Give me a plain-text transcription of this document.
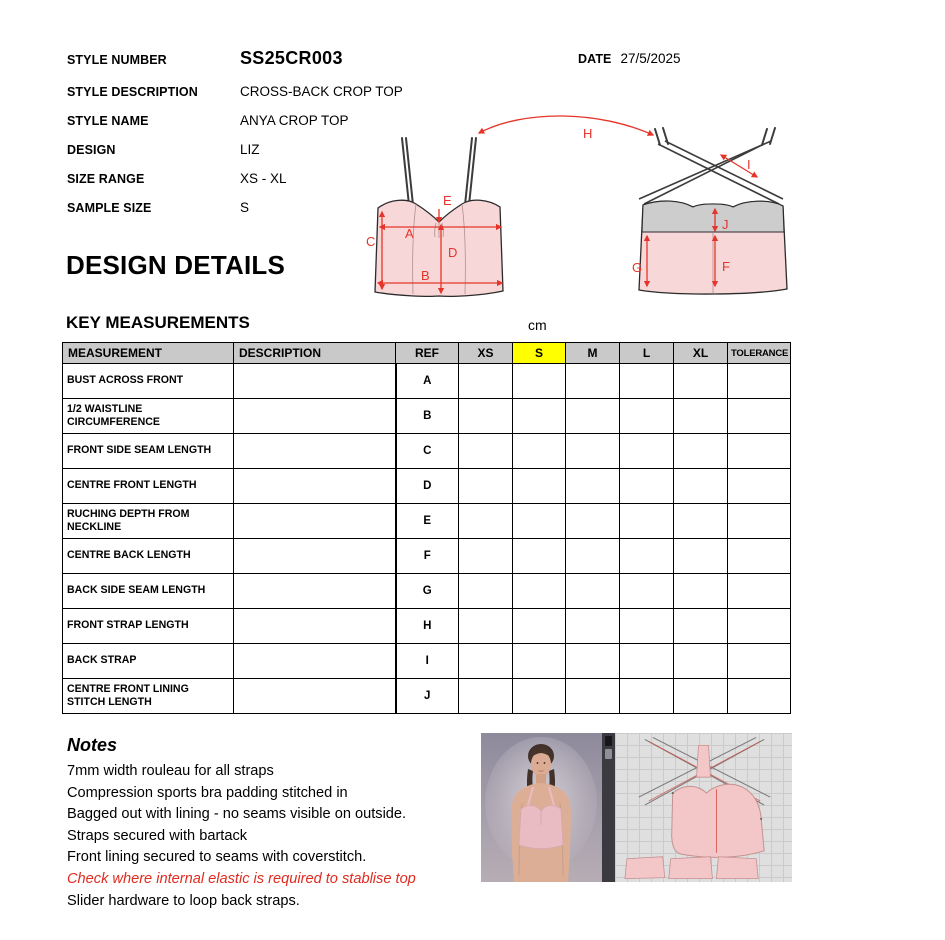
STYLE NUMBER	SS25CR003	DATE 27/5/2025
STYLE DESCRIPTION	CROSS-BACK CROP TOP
STYLE NAME	ANYA CROP TOP
DESIGN	LIZ
SIZE RANGE	XS - XL
SAMPLE SIZE	S
DESIGN DETAILS
A
B
C
D
E
F
G
H
I
J
KEY MEASUREMENTS	cm
MEASUREMENT	DESCRIPTION	REF	XS	S	M	L	XL	TOLERANCE
BUST ACROSS FRONT		A						
1/2 WAISTLINE CIRCUMFERENCE		B						
FRONT SIDE SEAM LENGTH		C						
CENTRE FRONT LENGTH		D						
RUCHING DEPTH FROM NECKLINE		E						
CENTRE BACK LENGTH		F						
BACK SIDE SEAM LENGTH		G						
FRONT STRAP LENGTH		H						
BACK STRAP		I						
CENTRE FRONT LINING STITCH LENGTH		J						
Notes
7mm width rouleau for all straps
Compression sports bra padding stitched in
Bagged out with lining - no seams visible on outside.
Straps secured with bartack
Front lining secured to seams with coverstitch.
Check where internal elastic is required to stablise top
Slider hardware to loop back straps.
